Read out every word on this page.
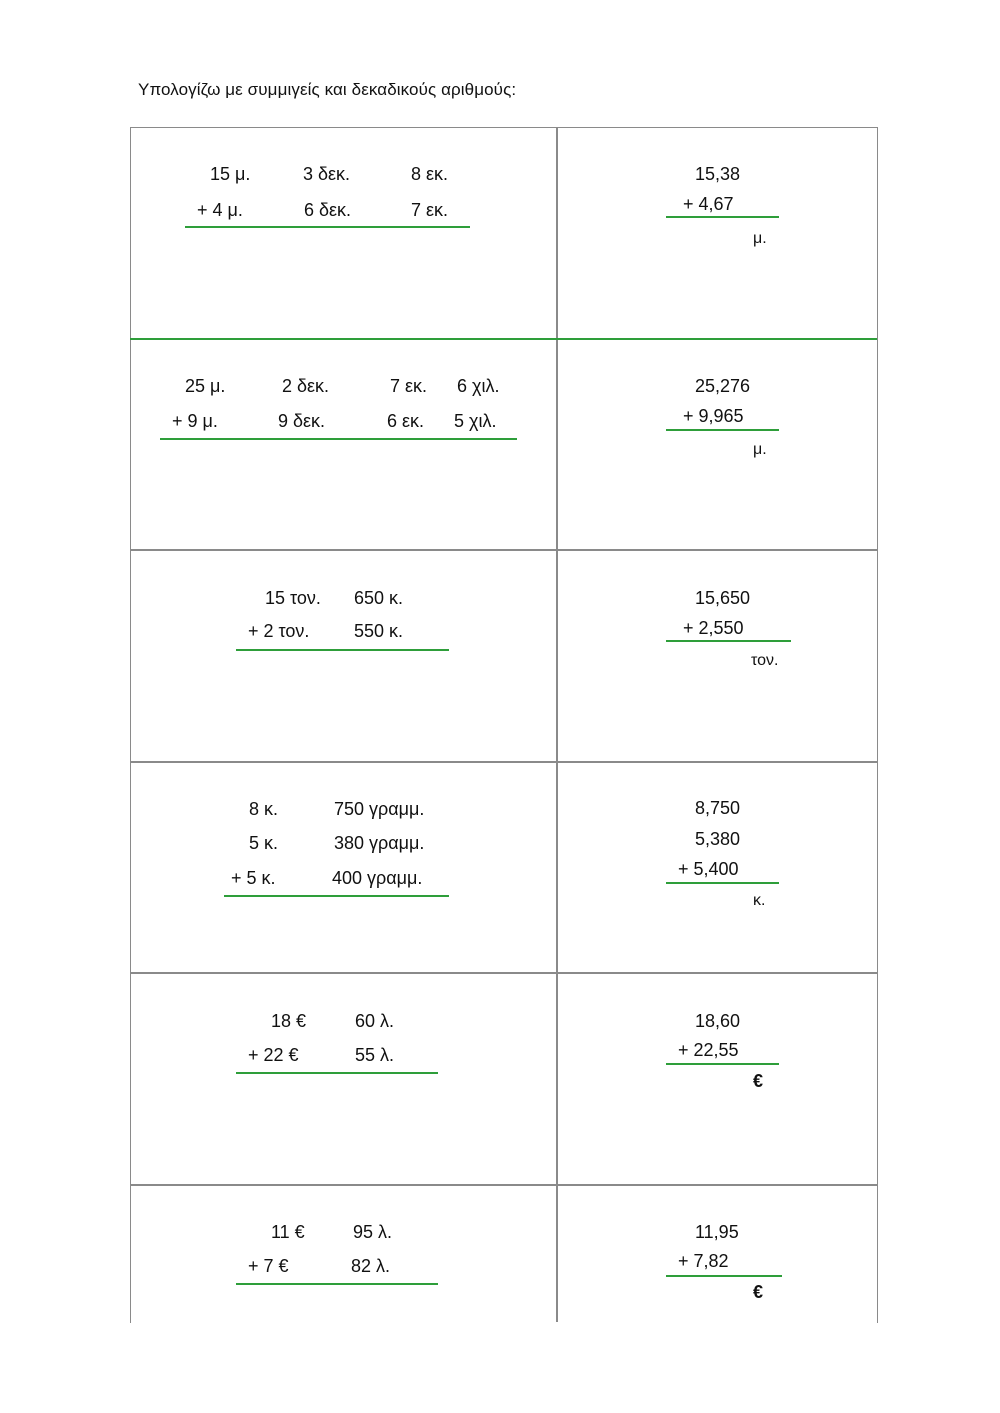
Υπολογίζω με συμμιγείς και δεκαδικούς αριθμούς:
15 μ.	3 δεκ.	8 εκ.
+ 4 μ.	6 δεκ.	7 εκ.
15,38
+ 4,67
μ.
25 μ.	2 δεκ.	7 εκ. 6 χιλ.
+ 9 μ.	9 δεκ.	6 εκ. 5 χιλ.
25,276
+ 9,965
μ.
15 τον. 650 κ.
+ 2 τον. 550 κ.
15,650
+ 2,550
τον.
8 κ.	750 γραμμ.
5 κ.	380 γραμμ.
+ 5 κ.	400 γραμμ.
8,750
5,380
+ 5,400
κ.
18 €	60 λ.
+ 22 €	55 λ.
18,60
+ 22,55
€
11 €	95 λ.
+ 7 €	82 λ.
11,95
+ 7,82
€
